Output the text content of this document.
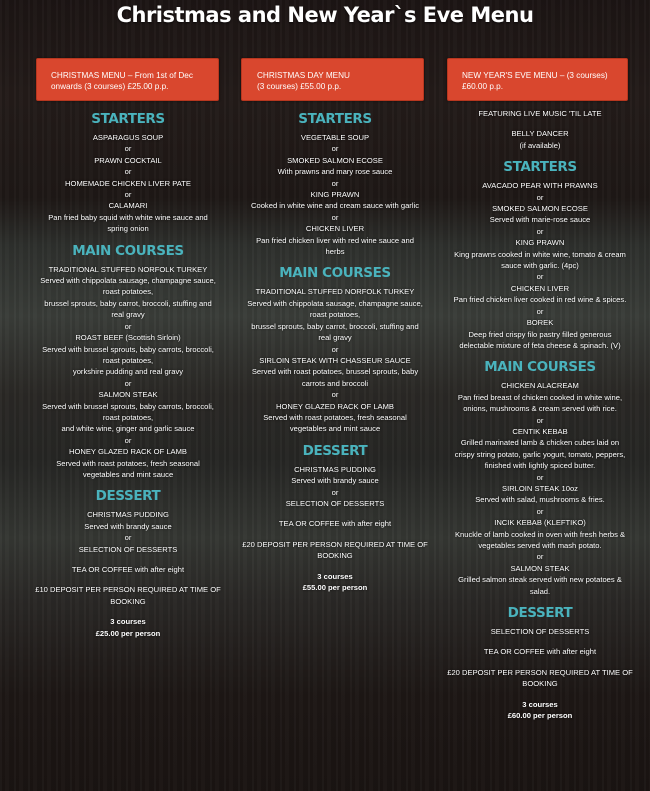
Christmas and New Year`s Eve Menu
CHRISTMAS MENU – From 1st of Dec
onwards (3 courses) £25.00 p.p.
CHRISTMAS DAY MENU
(3 courses) £55.00 p.p.
NEW YEAR'S EVE MENU – (3 courses)
£60.00 p.p.
STARTERS
ASPARAGUS SOUP
or
PRAWN COCKTAIL
or
HOMEMADE CHICKEN LIVER PATE
or
CALAMARI
Pan fried baby squid with white wine sauce and
spring onion
MAIN COURSES
TRADITIONAL STUFFED NORFOLK TURKEY
Served with chippolata sausage, champagne sauce,
roast potatoes,
brussel sprouts, baby carrot, broccoli, stuffing and
real gravy
or
ROAST BEEF (Scottish Sirloin)
Served with brussel sprouts, baby carrots, broccoli,
roast potatoes,
yorkshire pudding and real gravy
or
SALMON STEAK
Served with brussel sprouts, baby carrots, broccoli,
roast potatoes,
and white wine, ginger and garlic sauce
or
HONEY GLAZED RACK OF LAMB
Served with roast potatoes, fresh seasonal
vegetables and mint sauce
DESSERT
CHRISTMAS PUDDING
Served with brandy sauce
or
SELECTION OF DESSERTS
TEA OR COFFEE with after eight
£10 DEPOSIT PER PERSON REQUIRED AT TIME OF
BOOKING
3 courses
£25.00 per person
STARTERS
VEGETABLE SOUP
or
SMOKED SALMON ECOSE
With prawns and mary rose sauce
or
KING PRAWN
Cooked in white wine and cream sauce with garlic
or
CHICKEN LIVER
Pan fried chicken liver with red wine sauce and
herbs
MAIN COURSES
TRADITIONAL STUFFED NORFOLK TURKEY
Served with chippolata sausage, champagne sauce,
roast potatoes,
brussel sprouts, baby carrot, broccoli, stuffing and
real gravy
or
SIRLOIN STEAK WITH CHASSEUR SAUCE
Served with roast potatoes, brussel sprouts, baby
carrots and broccoli
or
HONEY GLAZED RACK OF LAMB
Served with roast potatoes, fresh seasonal
vegetables and mint sauce
DESSERT
CHRISTMAS PUDDING
Served with brandy sauce
or
SELECTION OF DESSERTS
TEA OR COFFEE with after eight
£20 DEPOSIT PER PERSON REQUIRED AT TIME OF
BOOKING
3 courses
£55.00 per person
FEATURING LIVE MUSIC 'TIL LATE
BELLY DANCER
(if available)
STARTERS
AVACADO PEAR WITH PRAWNS
or
SMOKED SALMON ECOSE
Served with marie-rose sauce
or
KING PRAWN
King prawns cooked in white wine, tomato & cream
sauce with garlic. (4pc)
or
CHICKEN LIVER
Pan fried chicken liver cooked in red wine & spices.
or
BOREK
Deep fried crispy filo pastry filled generous
delectable mixture of feta cheese & spinach. (V)
MAIN COURSES
CHICKEN ALACREAM
Pan fried breast of chicken cooked in white wine,
onions, mushrooms & cream served with rice.
or
CENTIK KEBAB
Grilled marinated lamb & chicken cubes laid on
crispy string potato, garlic yogurt, tomato, peppers,
finished with lightly spiced butter.
or
SIRLOIN STEAK 10oz
Served with salad, mushrooms & fries.
or
INCIK KEBAB (KLEFTIKO)
Knuckle of lamb cooked in oven with fresh herbs &
vegetables served with mash potato.
or
SALMON STEAK
Grilled salmon steak served with new potatoes &
salad.
DESSERT
SELECTION OF DESSERTS
TEA OR COFFEE with after eight
£20 DEPOSIT PER PERSON REQUIRED AT TIME OF
BOOKING
3 courses
£60.00 per person
